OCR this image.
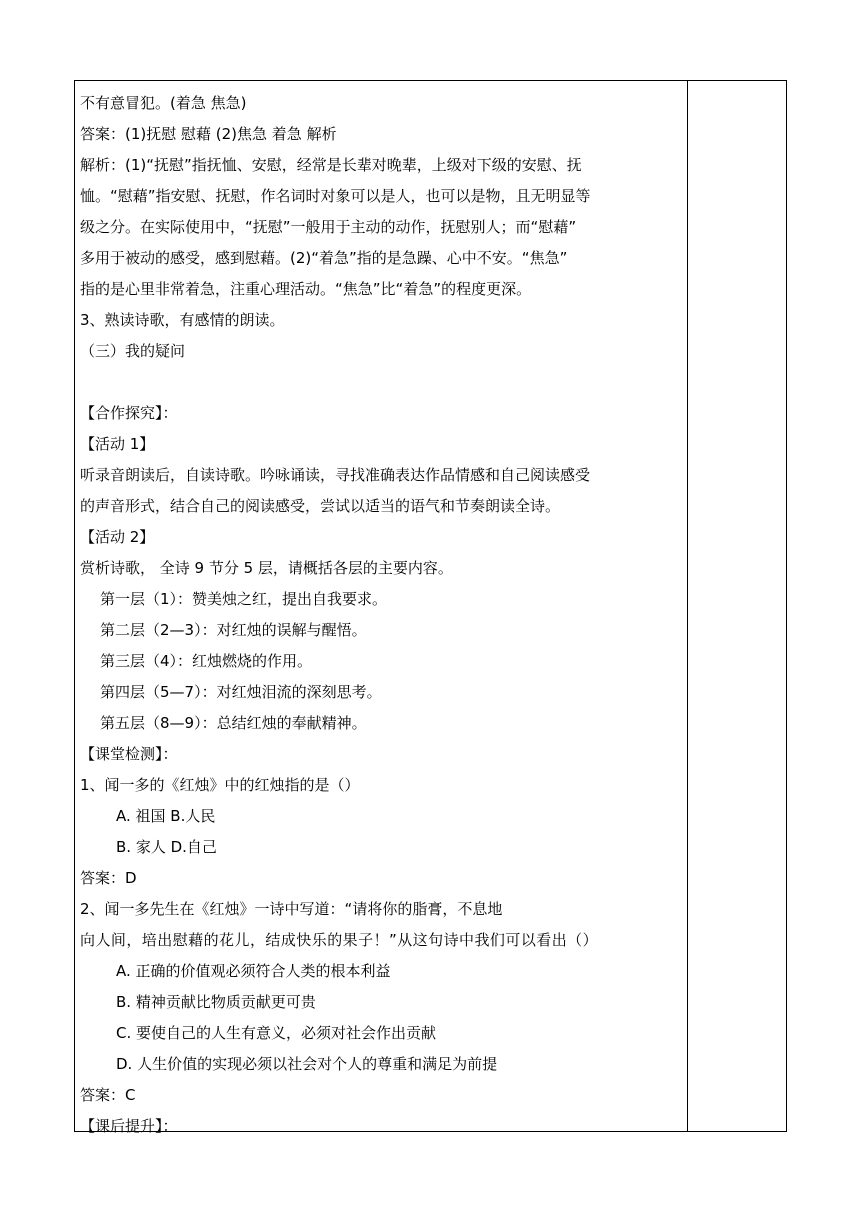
不有意冒犯。(着急 焦急)
答案：(1)抚慰 慰藉 (2)焦急 着急 解析
解析：(1)“抚慰”指抚恤、安慰，经常是长辈对晚辈，上级对下级的安慰、抚
恤。“慰藉”指安慰、抚慰，作名词时对象可以是人，也可以是物，且无明显等
级之分。在实际使用中，“抚慰”一般用于主动的动作，抚慰别人；而“慰藉”
多用于被动的感受，感到慰藉。(2)“着急”指的是急躁、心中不安。“焦急”
指的是心里非常着急，注重心理活动。“焦急”比“着急”的程度更深。
3、熟读诗歌，有感情的朗读。
（三）我的疑问
【合作探究】：
【活动 1】
听录音朗读后，自读诗歌。吟咏诵读，寻找准确表达作品情感和自己阅读感受
的声音形式，结合自己的阅读感受，尝试以适当的语气和节奏朗读全诗。
【活动 2】
赏析诗歌， 全诗 9 节分 5 层，请概括各层的主要内容。
第一层（1）：赞美烛之红，提出自我要求。
第二层（2—3）：对红烛的误解与醒悟。
第三层（4）：红烛燃烧的作用。
第四层（5—7）：对红烛泪流的深刻思考。
第五层（8—9）：总结红烛的奉献精神。
【课堂检测】：
1、闻一多的《红烛》中的红烛指的是（）
A. 祖国 B.人民
B. 家人 D.自己
答案：D
2、闻一多先生在《红烛》一诗中写道：“请将你的脂膏，不息地
向人间，培出慰藉的花儿，结成快乐的果子！”从这句诗中我们可以看出（）
A. 正确的价值观必须符合人类的根本利益
B. 精神贡献比物质贡献更可贵
C. 要使自己的人生有意义，必须对社会作出贡献
D. 人生价值的实现必须以社会对个人的尊重和满足为前提
答案：C
【课后提升】：
